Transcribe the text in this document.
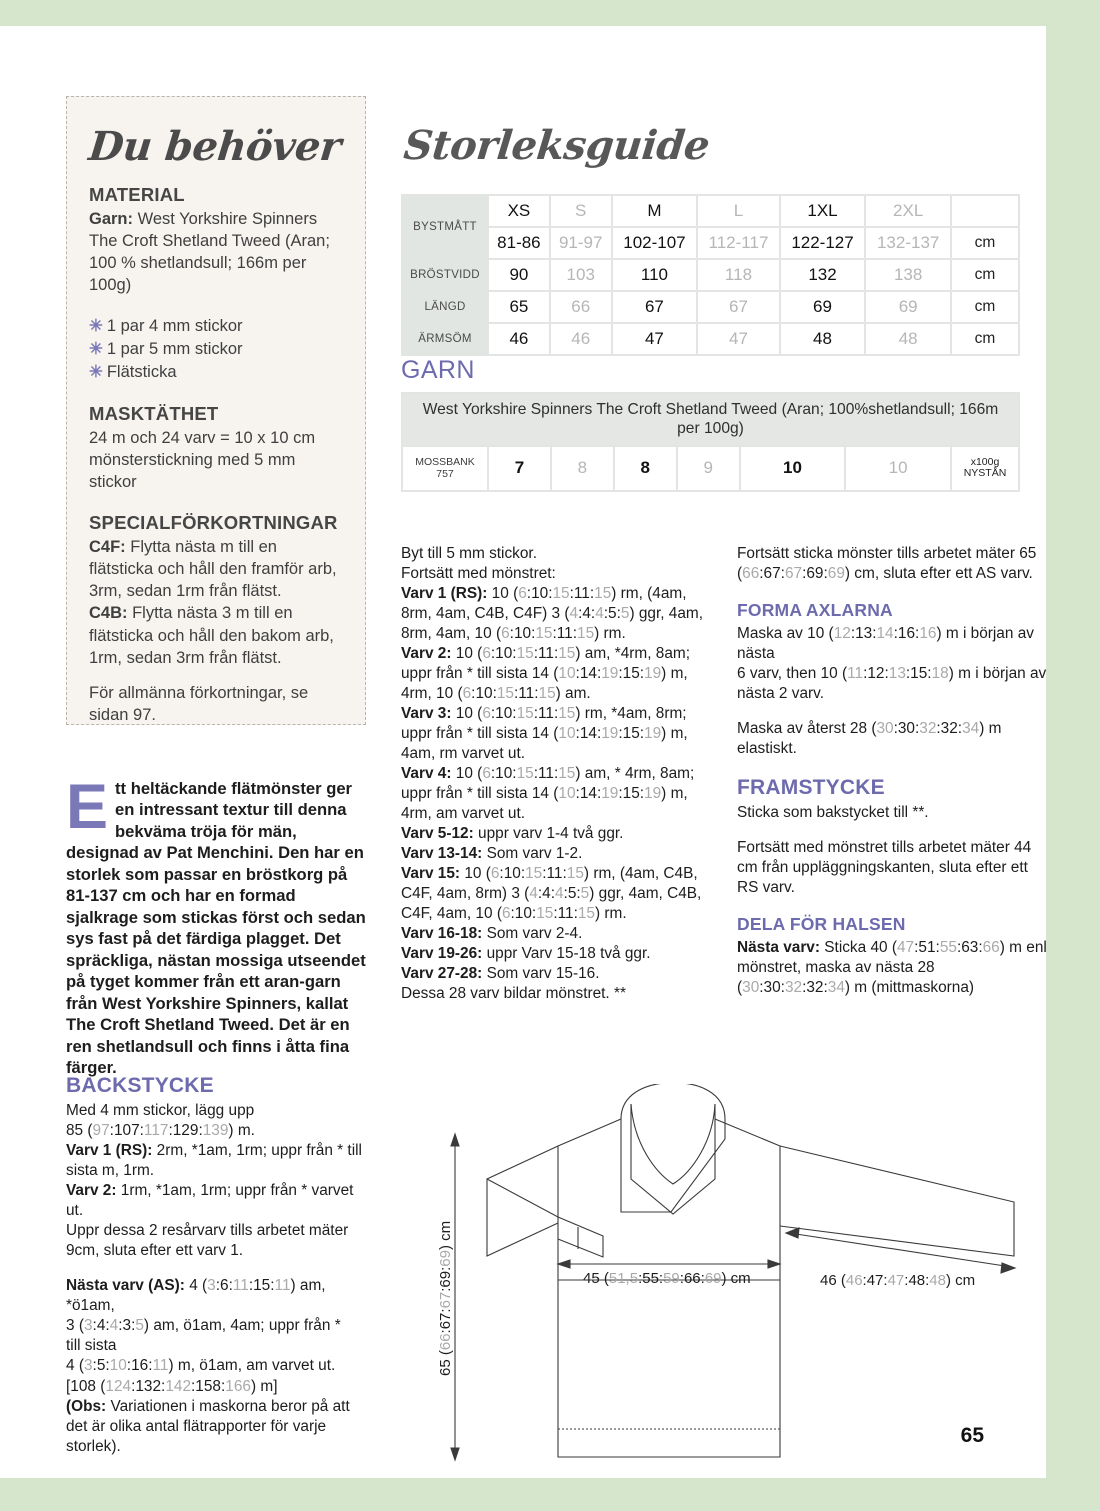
Du behöver
MATERIAL

Garn: West Yorkshire Spinners The Croft Shetland Tweed (Aran; 100 % shetlandsull; 166m per 100g)

✳ 1 par 4 mm stickor
✳ 1 par 5 mm stickor
✳ Flätsticka
MASKTÄTHET

24 m och 24 varv = 10 x 10 cm mönsterstickning med 5 mm stickor

SPECIALFÖRKORTNINGAR

C4F: Flytta nästa m till en flätsticka och håll den framför arb, 3rm, sedan 1rm från flätst.

C4B: Flytta nästa 3 m till en flätsticka och håll den bakom arb, 1rm, sedan 3rm från flätst.

För allmänna förkortningar, se sidan 97.

Ett heltäckande flätmönster ger en intressant textur till denna bekväma tröja för män, designad av Pat Menchini. Den har en storlek som passar en bröstkorg på 81-137 cm och har en formad sjalkrage som stickas först och sedan sys fast på det färdiga plagget. Det spräckliga, nästan mossiga utseendet på tyget kommer från ett aran-garn från West Yorkshire Spinners, kallat The Croft Shetland Tweed. Det är en ren shetlandsull och finns i åtta fina färger.
BACKSTYCKE

Med 4 mm stickor, lägg upp

85 (97:107:117:129:139) m.

Varv 1 (RS): 2rm, *1am, 1rm; uppr från * till sista m, 1rm.

Varv 2: 1rm, *1am, 1rm; uppr från * varvet ut.

Uppr dessa 2 resårvarv tills arbetet mäter 9cm, sluta efter ett varv 1.

Nästa varv (AS): 4 (3:6:11:15:11) am,

*ö1am,

3 (3:4:4:3:5) am, ö1am, 4am; uppr från *

till sista

4 (3:5:10:16:11) m, ö1am, am varvet ut.

[108 (124:132:142:158:166) m]

(Obs: Variationen i maskorna beror på att det är olika antal flätrapporter för varje storlek).

Storleksguide
BYSTMÅTT	XS	S	M	L	1XL	2XL	
	81-86	91-97	102-107	112-117	122-127	132-137	cm
BRÖSTVIDD	90	103	110	118	132	138	cm
LÄNGD	65	66	67	67	69	69	cm
ÄRMSÖM	46	46	47	47	48	48	cm
GARN
West Yorkshire Spinners The Croft Shetland Tweed (Aran; 100%shetlandsull; 166m per 100g)
MOSSBANK
757	7	8	8	9	10	10	x100g
NYSTÅN

Byt till 5 mm stickor.

Fortsätt med mönstret:

Varv 1 (RS): 10 (6:10:15:11:15) rm, (4am, 8rm, 4am, C4B, C4F) 3 (4:4:4:5:5) ggr, 4am, 8rm, 4am, 10 (6:10:15:11:15) rm.

Varv 2: 10 (6:10:15:11:15) am, *4rm, 8am; uppr från * till sista 14 (10:14:19:15:19) m, 4rm, 10 (6:10:15:11:15) am.

Varv 3: 10 (6:10:15:11:15) rm, *4am, 8rm; uppr från * till sista 14 (10:14:19:15:19) m, 4am, rm varvet ut.

Varv 4: 10 (6:10:15:11:15) am, * 4rm, 8am; uppr från * till sista 14 (10:14:19:15:19) m, 4rm, am varvet ut.

Varv 5-12: uppr varv 1-4 två ggr.

Varv 13-14: Som varv 1-2.

Varv 15: 10 (6:10:15:11:15) rm, (4am, C4B, C4F, 4am, 8rm) 3 (4:4:4:5:5) ggr, 4am, C4B, C4F, 4am, 10 (6:10:15:11:15) rm.

Varv 16-18: Som varv 2-4.

Varv 19-26: uppr Varv 15-18 två ggr.

Varv 27-28: Som varv 15-16.

Dessa 28 varv bildar mönstret. **

Fortsätt sticka mönster tills arbetet mäter 65 (66:67:67:69:69) cm, sluta efter ett AS varv.

FORMA AXLARNA

Maska av 10 (12:13:14:16:16) m i början av nästa

6 varv, then 10 (11:12:13:15:18) m i början av nästa 2 varv.

Maska av återst 28 (30:30:32:32:34) m elastiskt.

FRAMSTYCKE

Sticka som bakstycket till **.

Fortsätt med mönstret tills arbetet mäter 44 cm från uppläggningskanten, sluta efter ett RS varv.

DELA FÖR HALSEN

Nästa varv: Sticka 40 (47:51:55:63:66) m enl mönstret, maska av nästa 28 (30:30:32:32:34) m (mittmaskorna)

65 (66:67:67:69:69) cm
45 (51,5:55:59:66:69) cm	46 (46:47:47:48:48) cm
65
